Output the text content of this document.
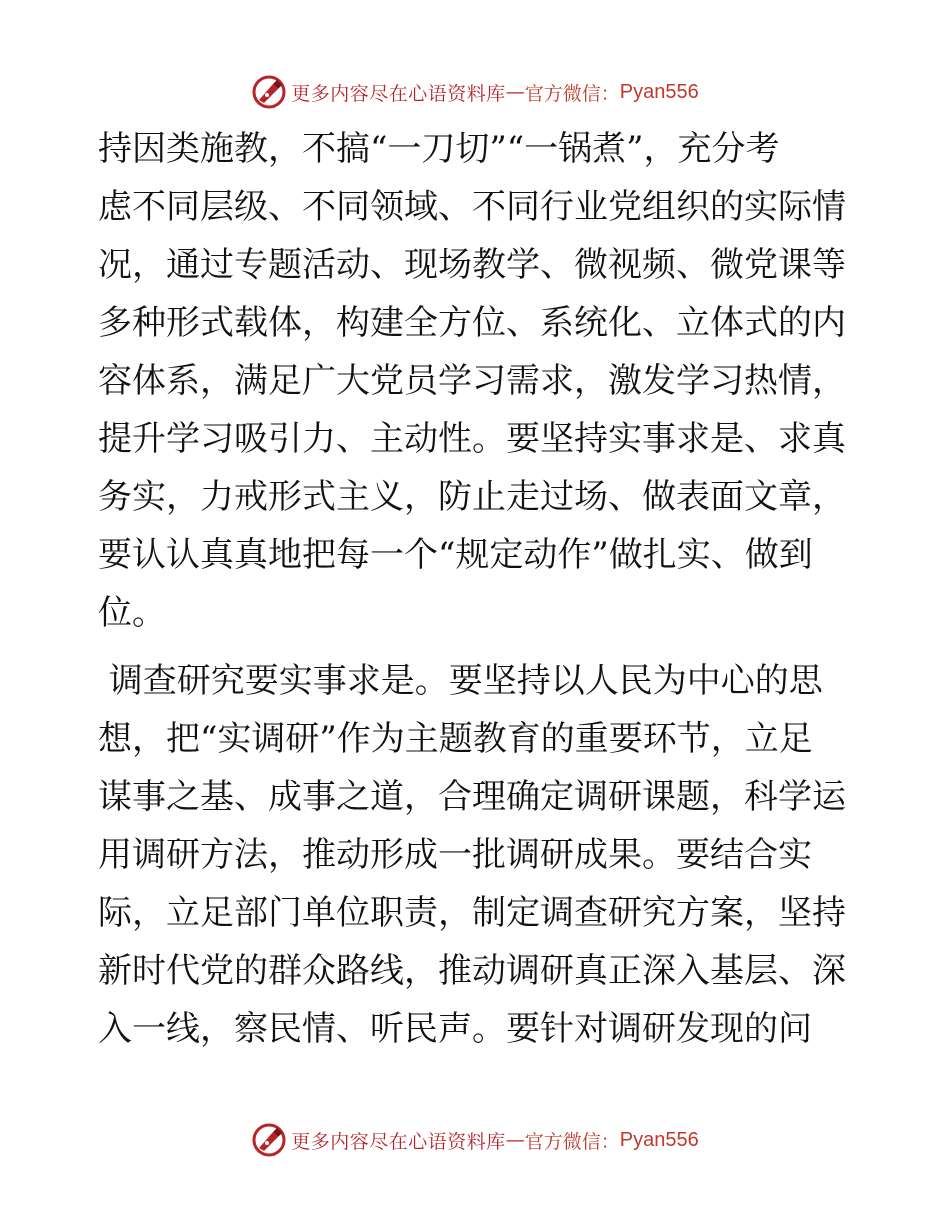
更多内容尽在心语资料库 — 官方微信： Pyan556
持因类施教，不搞“一刀切”“一锅煮”，充分考
虑不同层级、不同领域、不同行业党组织的实际情
况，通过专题活动、现场教学、微视频、微党课等
多种形式载体，构建全方位、系统化、立体式的内
容体系，满足广大党员学习需求，激发学习热情，
提升学习吸引力、主动性。要坚持实事求是、求真
务实，力戒形式主义，防止走过场、做表面文章，
要认认真真地把每一个“规定动作”做扎实、做到
位。
调查研究要实事求是。要坚持以人民为中心的思
想，把“实调研”作为主题教育的重要环节，立足
谋事之基、成事之道，合理确定调研课题，科学运
用调研方法，推动形成一批调研成果。要结合实
际，立足部门单位职责，制定调查研究方案，坚持
新时代党的群众路线，推动调研真正深入基层、深
入一线，察民情、听民声。要针对调研发现的问
更多内容尽在心语资料库 — 官方微信： Pyan556
